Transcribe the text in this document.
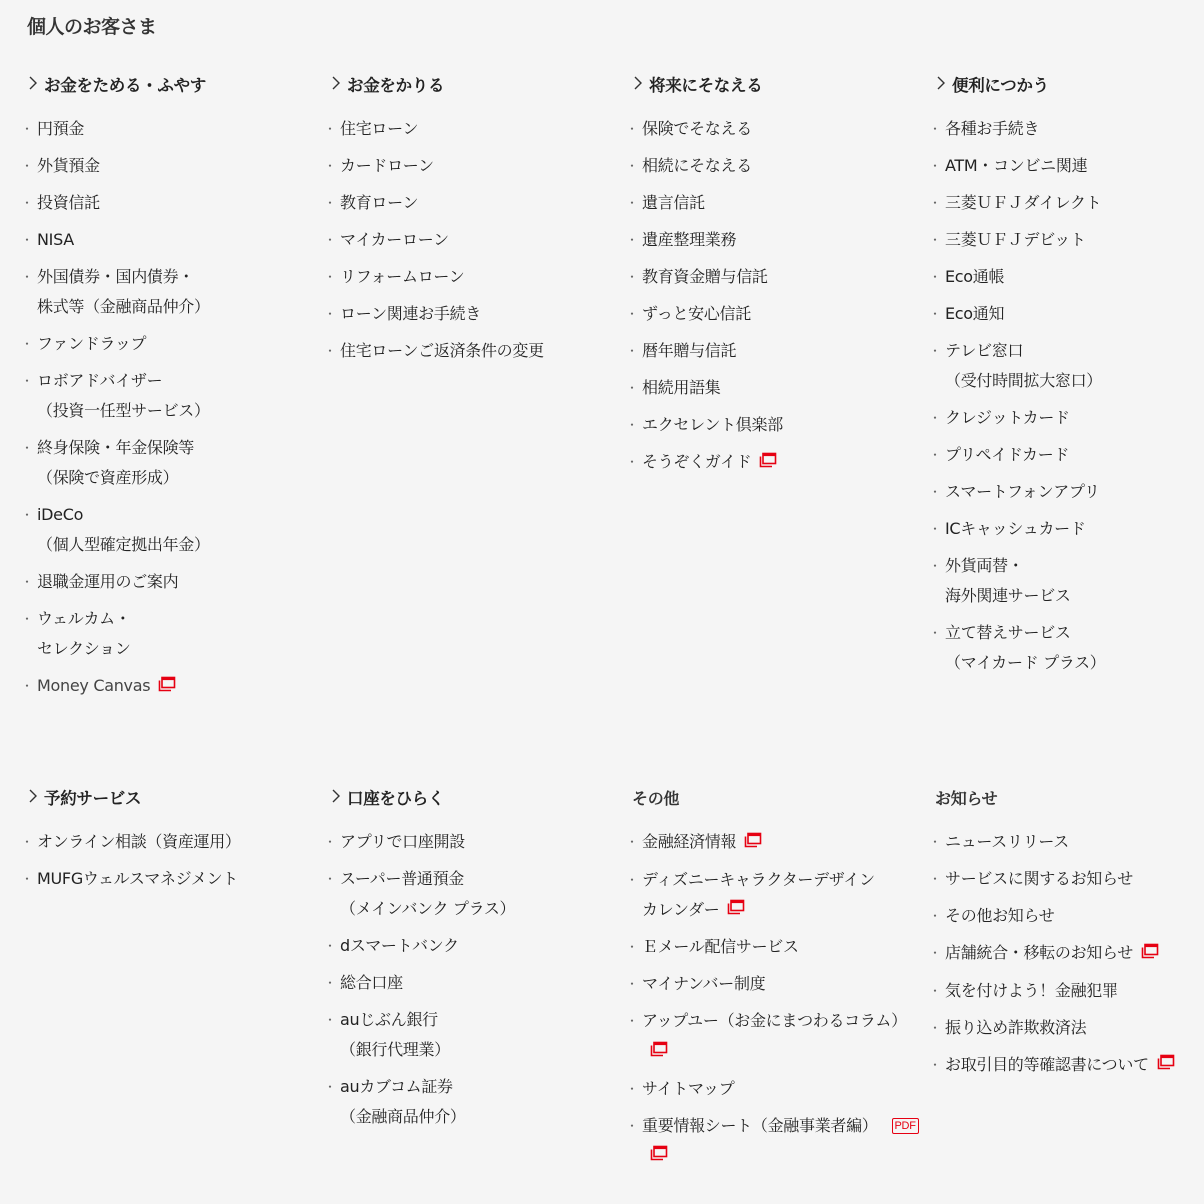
個人のお客さま
お金をためる・ふやす
・ 円預金
・ 外貨預金
・ 投資信託
・ NISA
・ 外国債券・国内債券・
株式等（金融商品仲介）
・ ファンドラップ
・ ロボアドバイザー
（投資一任型サービス）
・ 終身保険・年金保険等
（保険で資産形成）
・ iDeCo
（個人型確定拠出年金）
・ 退職金運用のご案内
・ ウェルカム・
セレクション
・ Money Canvas
お金をかりる
・ 住宅ローン
・ カードローン
・ 教育ローン
・ マイカーローン
・ リフォームローン
・ ローン関連お手続き
・ 住宅ローンご返済条件の変更
将来にそなえる
・ 保険でそなえる
・ 相続にそなえる
・ 遺言信託
・ 遺産整理業務
・ 教育資金贈与信託
・ ずっと安心信託
・ 暦年贈与信託
・ 相続用語集
・ エクセレント倶楽部
・ そうぞくガイド
便利につかう
・ 各種お手続き
・ ATM・コンビニ関連
・ 三菱ＵＦＪダイレクト
・ 三菱ＵＦＪデビット
・ Eco通帳
・ Eco通知
・ テレビ窓口
（受付時間拡大窓口）
・ クレジットカード
・ プリペイドカード
・ スマートフォンアプリ
・ ICキャッシュカード
・ 外貨両替・
海外関連サービス
・ 立て替えサービス
（マイカード プラス）
予約サービス
・ オンライン相談（資産運用）
・ MUFGウェルスマネジメント
口座をひらく
・ アプリで口座開設
・ スーパー普通預金
（メインバンク プラス）
・ dスマートバンク
・ 総合口座
・ auじぶん銀行
（銀行代理業）
・ auカブコム証券
（金融商品仲介）
その他
・ 金融経済情報
・ ディズニーキャラクターデザイン
カレンダー
・ Ｅメール配信サービス
・ マイナンバー制度
・ アップユー（お金にまつわるコラム）

・ サイトマップ
・ 重要情報シート（金融事業者編） PDF

お知らせ
・ ニュースリリース
・ サービスに関するお知らせ
・ その他お知らせ
・ 店舗統合・移転のお知らせ
・ 気を付けよう！金融犯罪
・ 振り込め詐欺救済法
・ お取引目的等確認書について
